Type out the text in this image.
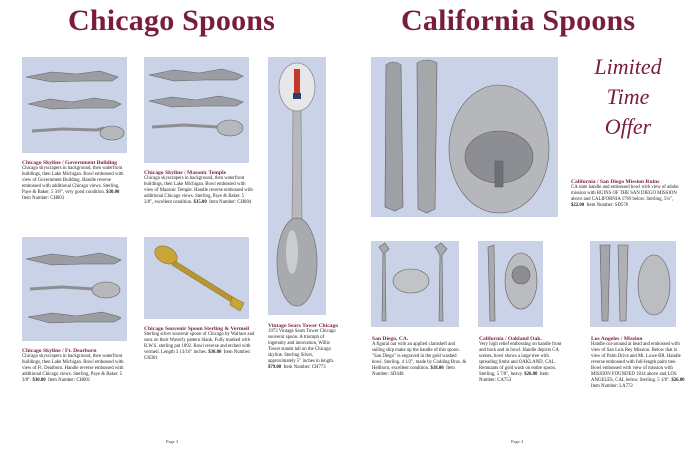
Chicago Spoons
Chicago Skyline / Government Building
Chicago skyscrapers in background, then waterfront buildings, then Lake Michigan. Bowl embossed with view of Government Building. Handle reverse embossed with additional Chicago views. Sterling, Paye & Baker. 5 3/8", very good condition. $30.00  Item Number: CH003
Chicago Skyline / Masonic Temple
Chicago skyscrapers in background, then waterfront buildings, then Lake Michigan. Bowl embossed with view of Masonic Temple. Handle reverse embossed with additional Chicago views. Sterling, Paye & Baker. 5 3/8", excellent condition. $35.00 Item Number: CH004
Chicago Skyline / Ft. Dearborn
Chicago skyscrapers in background, then waterfront buildings, then Lake Michigan. Bowl embossed with view of Ft. Dearborn. Handle reverse embossed with additional Chicago views. Sterling, Paye & Baker. 5 3/8". $30.00 Item Number: CH001
Chicago Souvenir Spoon Sterling & Vermeil
Sterling silver souvenir spoon of Chicago by Wallace and sons on their Waverly pattern blank. Fully marked with R.W.S. sterling pat 1892. Bowl reverse and etched with vermeil. Length 3 13/16" inches. $30.00 Item Number: CH301
Vintage Sears Tower Chicago
1973 Vintage Sears Tower Chicago souvenir spoon. A triumph of ingenuity and innovation, Willis Tower stands tall on the Chicago skyline. Sterling Silver, approximately 5" inches in length. $79.00 Item Number: CH773
Page 3
California Spoons
Limited
Time
Offer
California / San Diego Mission Ruins
CA state handle and embossed bowl with view of adobe mission with RUINS OF THE SAN DIEGO MISSION above and CALIFORNIA 1769 below. Sterling, 5¼", $22.00 Item Number: SD576
San Diego, CA.
A figural oar with an applied clamshell and sailing ship make up the handle of this spoon. "San Diego" is engraved in the gold washed bowl. Sterling. 4 1/2", made by Codding Bros. & Heilborn, excellent condition. $18.00 Item Number: SD448
California / Oakland Oak.
Very high relief embossing on handle front and back and in bowl. Handle depicts CA scenes, bowl shows a large tree with spreading limbs and OAKLAND, CAL. Remnants of gold wash on entire spoon. Sterling, 5 7/8", heavy. $26.00 Item Number: CA753
Los Angeles / Mission
Handle cut-around at head and embossed with view of San Luis Rey Mission. Below that is view of Palm Drive and Mt. Lowe RR. Handle reverse embossed with full-length palm tree. Bowl embossed with view of mission with MISSION FOUNDED 1814 above and LOS ANGELES, CAL below. Sterling. 5 1/8". $26.00  Item Number: LA772
Page 4
